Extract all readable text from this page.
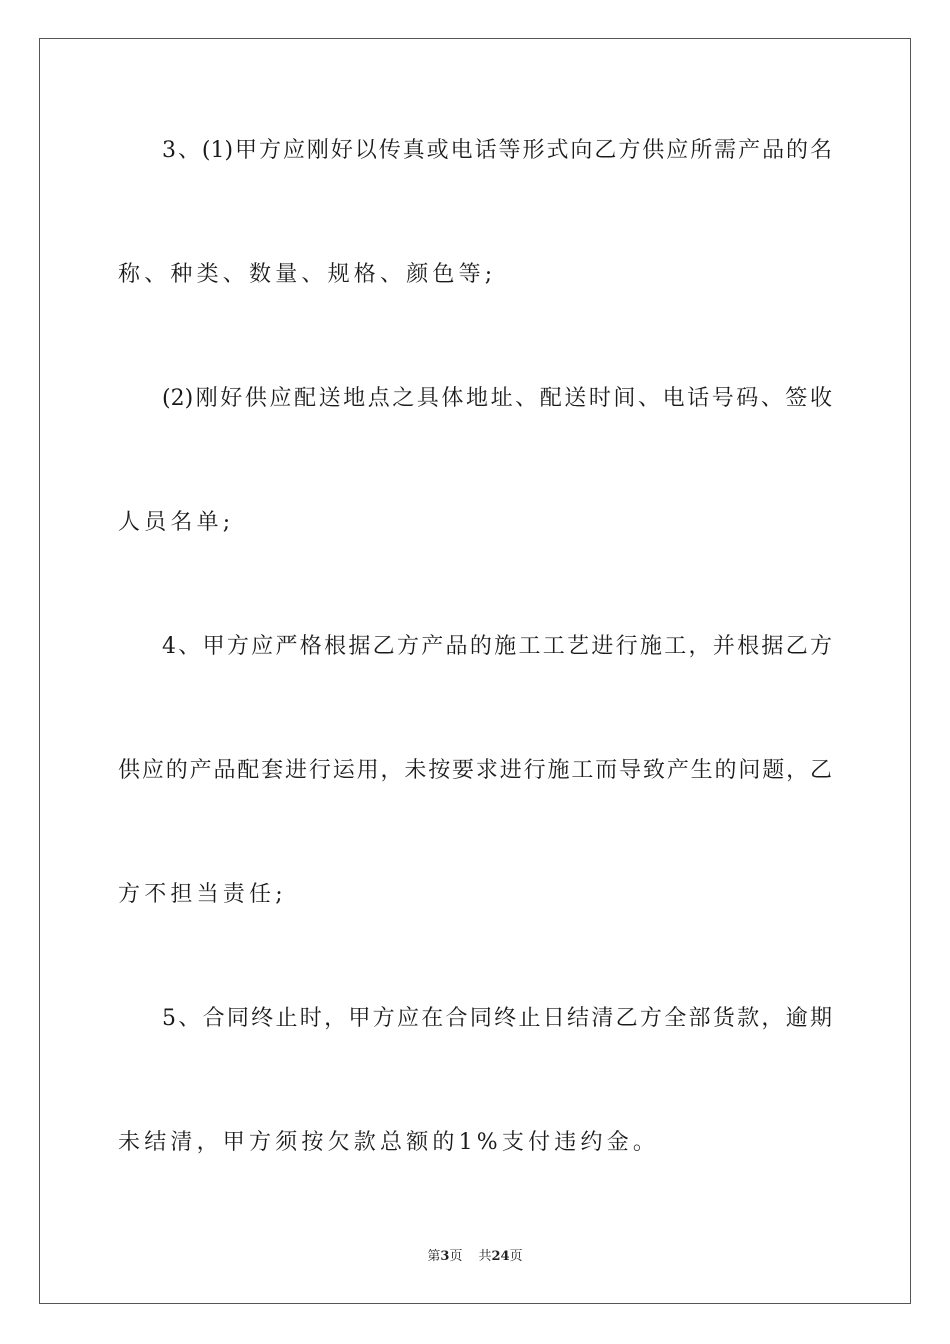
3、(1)甲方应刚好以传真或电话等形式向乙方供应所需产品的名
称、种类、数量、规格、颜色等;
(2)刚好供应配送地点之具体地址、配送时间、电话号码、签收
人员名单;
4、甲方应严格根据乙方产品的施工工艺进行施工，并根据乙方
供应的产品配套进行运用，未按要求进行施工而导致产生的问题，乙
方不担当责任;
5、合同终止时，甲方应在合同终止日结清乙方全部货款，逾期
未结清，甲方须按欠款总额的1%支付违约金。
第3页 共24页
